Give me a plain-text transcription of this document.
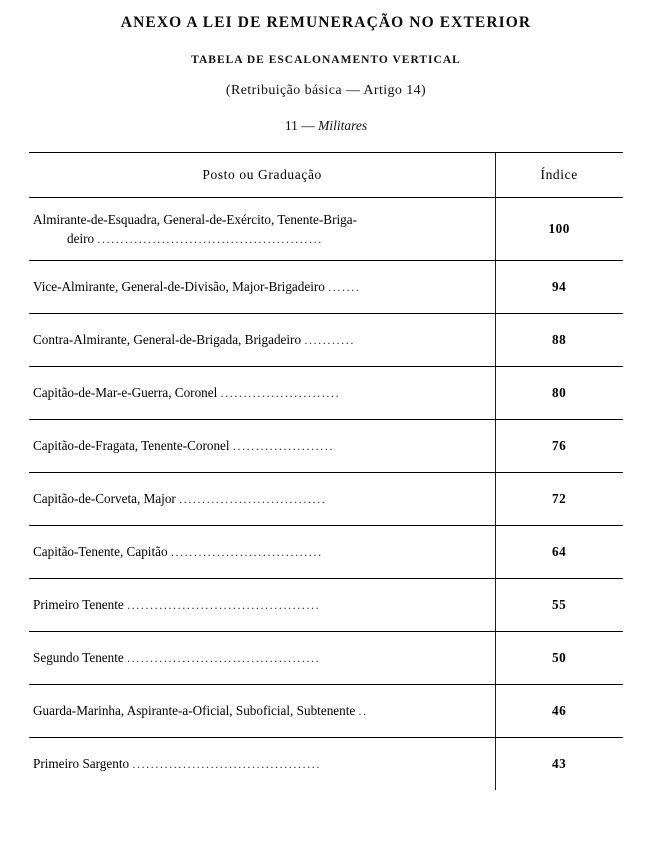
ANEXO A LEI DE REMUNERAÇÃO NO EXTERIOR
TABELA DE ESCALONAMENTO VERTICAL
(Retribuição básica — Artigo 14)
11 — Militares
Posto ou Graduação	Índice

Almirante-de-Esquadra, General-de-Exército, Tenente-Briga-
deiro .................................................	100
Vice-Almirante, General-de-Divisão, Major-Brigadeiro .......	94
Contra-Almirante, General-de-Brigada, Brigadeiro ...........	88
Capitão-de-Mar-e-Guerra, Coronel ..........................	80
Capitão-de-Fragata, Tenente-Coronel ......................	76
Capitão-de-Corveta, Major ................................	72
Capitão-Tenente, Capitão .................................	64
Primeiro Tenente ..........................................	55
Segundo Tenente ..........................................	50
Guarda-Marinha, Aspirante-a-Oficial, Suboficial, Subtenente ..	46
Primeiro Sargento .........................................	43
